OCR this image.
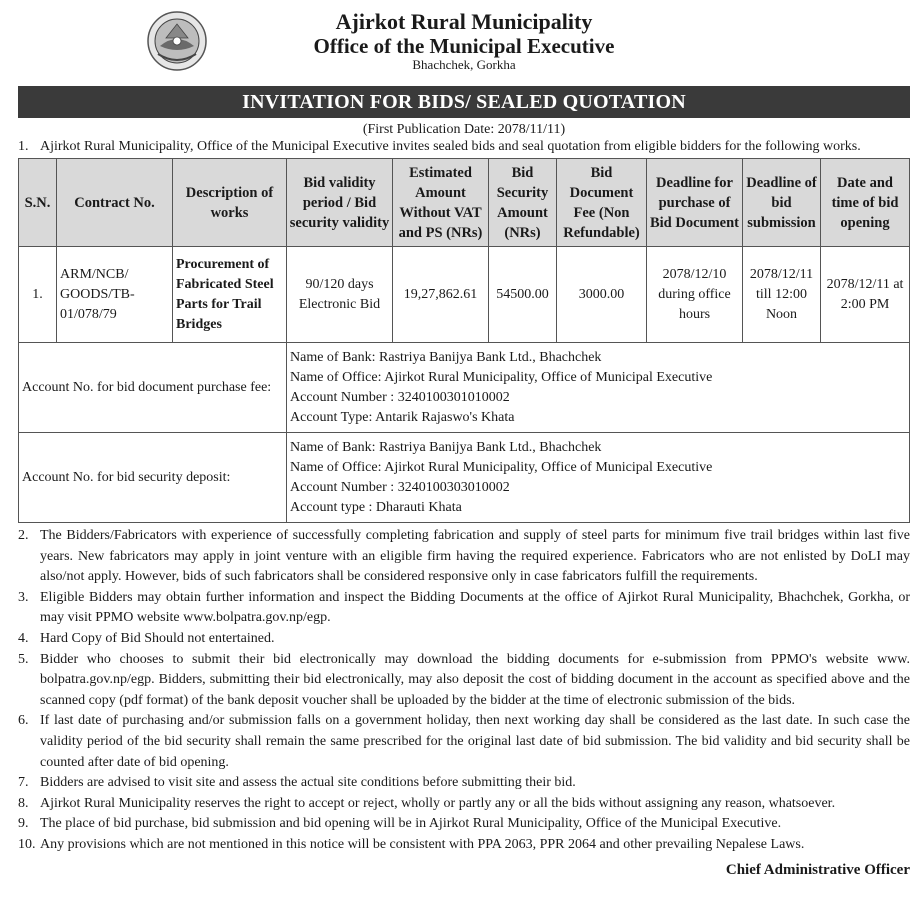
Ajirkot Rural Municipality
Office of the Municipal Executive
Bhachchek, Gorkha
INVITATION FOR BIDS/ SEALED QUOTATION
(First Publication Date: 2078/11/11)
1. Ajirkot Rural Municipality, Office of the Municipal Executive invites sealed bids and seal quotation from eligible bidders for the following works.
S.N.	Contract No.	Description of works	Bid validity period / Bid security validity	Estimated Amount Without VAT and PS (NRs)	Bid Security Amount (NRs)	Bid Document Fee (Non Refundable)	Deadline for purchase of Bid Document	Deadline of bid submission	Date and time of bid opening
1.	ARM/NCB/ GOODS/TB- 01/078/79	Procurement of Fabricated Steel Parts for Trail Bridges	90/120 days Electronic Bid	19,27,862.61	54500.00	3000.00	2078/12/10 during office hours	2078/12/11 till 12:00 Noon	2078/12/11 at 2:00 PM
Account No. for bid document purchase fee:			Name of Bank: Rastriya Banijya Bank Ltd., Bhachchek
Name of Office: Ajirkot Rural Municipality, Office of Municipal Executive
Account Number : 3240100301010002
Account Type: Antarik Rajaswo's Khata						

Account No. for bid security deposit:			Name of Bank: Rastriya Banijya Bank Ltd., Bhachchek
Name of Office: Ajirkot Rural Municipality, Office of Municipal Executive
Account Number : 3240100303010002
Account type : Dharauti Khata						
2. The Bidders/Fabricators with experience of successfully completing fabrication and supply of steel parts for minimum five trail bridges within last five years. New fabricators may apply in joint venture with an eligible firm having the required experience. Fabricators who are not enlisted by DoLI may also/not apply. However, bids of such fabricators shall be considered responsive only in case fabricators fulfill the requirements.
3. Eligible Bidders may obtain further information and inspect the Bidding Documents at the office of Ajirkot Rural Municipality, Bhachchek, Gorkha, or may visit PPMO website www.bolpatra.gov.np/egp.
4. Hard Copy of Bid Should not entertained.
5. Bidder who chooses to submit their bid electronically may download the bidding documents for e-submission from PPMO's website www. bolpatra.gov.np/egp. Bidders, submitting their bid electronically, may also deposit the cost of bidding document in the account as specified above and the scanned copy (pdf format) of the bank deposit voucher shall be uploaded by the bidder at the time of electronic submission of the bids.
6. If last date of purchasing and/or submission falls on a government holiday, then next working day shall be considered as the last date. In such case the validity period of the bid security shall remain the same prescribed for the original last date of bid submission. The bid validity and bid security shall be counted after date of bid opening.
7. Bidders are advised to visit site and assess the actual site conditions before submitting their bid.
8. Ajirkot Rural Municipality reserves the right to accept or reject, wholly or partly any or all the bids without assigning any reason, whatsoever.
9. The place of bid purchase, bid submission and bid opening will be in Ajirkot Rural Municipality, Office of the Municipal Executive.
10. Any provisions which are not mentioned in this notice will be consistent with PPA 2063, PPR 2064 and other prevailing Nepalese Laws.
Chief Administrative Officer
